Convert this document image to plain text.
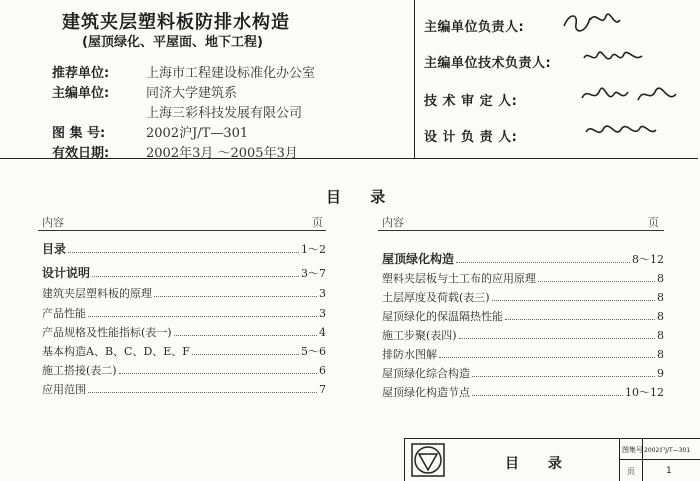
建筑夹层塑料板防排水构造
(屋顶绿化、平屋面、地下工程)
推荐单位:	上海市工程建设标准化办公室
主编单位:	同济大学建筑系
上海三彩科技发展有限公司
图 集 号:	2002沪J/T—301
有效日期:	2002年3月 ～2005年3月
主编单位负责人:
主编单位技术负责人:
技 术 审 定 人:
设 计 负 责 人:
目 录
内容	页	内容	页
目录	1～2
设计说明	3～7
建筑夹层塑料板的原理	3
产品性能	3
产品规格及性能指标(表一)	4
基本构造A、B、C、D、E、F	5～6
施工搭接(表二)	6
应用范围	7
屋顶绿化构造	8～12
塑料夹层板与土工布的应用原理	8
土层厚度及荷载(表三)	8
屋顶绿化的保温隔热性能	8
施工步聚(表四)	8
排防水图解	8
屋顶绿化综合构造	9
屋顶绿化构造节点	10～12
目 录
图集号 2002沪J/T—301
页	1
